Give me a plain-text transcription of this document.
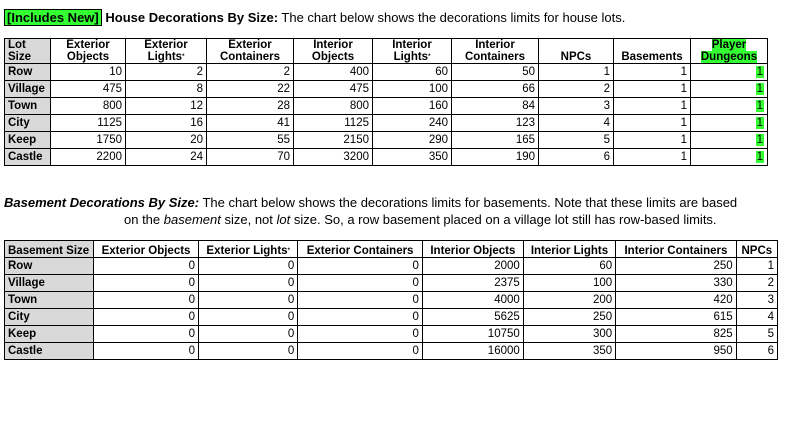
[Includes New] House Decorations By Size: The chart below shows the decorations limits for house lots.
Lot Size	Exterior Objects	Exterior Lights*	Exterior Containers	Interior Objects	Interior Lights*	Interior Containers	NPCs	Basements	Player Dungeons
Row	10	2	2	400	60	50	1	1	1
Village	475	8	22	475	100	66	2	1	1
Town	800	12	28	800	160	84	3	1	1
City	1125	16	41	1125	240	123	4	1	1
Keep	1750	20	55	2150	290	165	5	1	1
Castle	2200	24	70	3200	350	190	6	1	1
Basement Decorations By Size: The chart below shows the decorations limits for basements. Note that these limits are based
on the basement size, not lot size. So, a row basement placed on a village lot still has row-based limits.
Basement Size	Exterior Objects	Exterior Lights*	Exterior Containers	Interior Objects	Interior Lights	Interior Containers	NPCs
Row	0	0	0	2000	60	250	1
Village	0	0	0	2375	100	330	2
Town	0	0	0	4000	200	420	3
City	0	0	0	5625	250	615	4
Keep	0	0	0	10750	300	825	5
Castle	0	0	0	16000	350	950	6
